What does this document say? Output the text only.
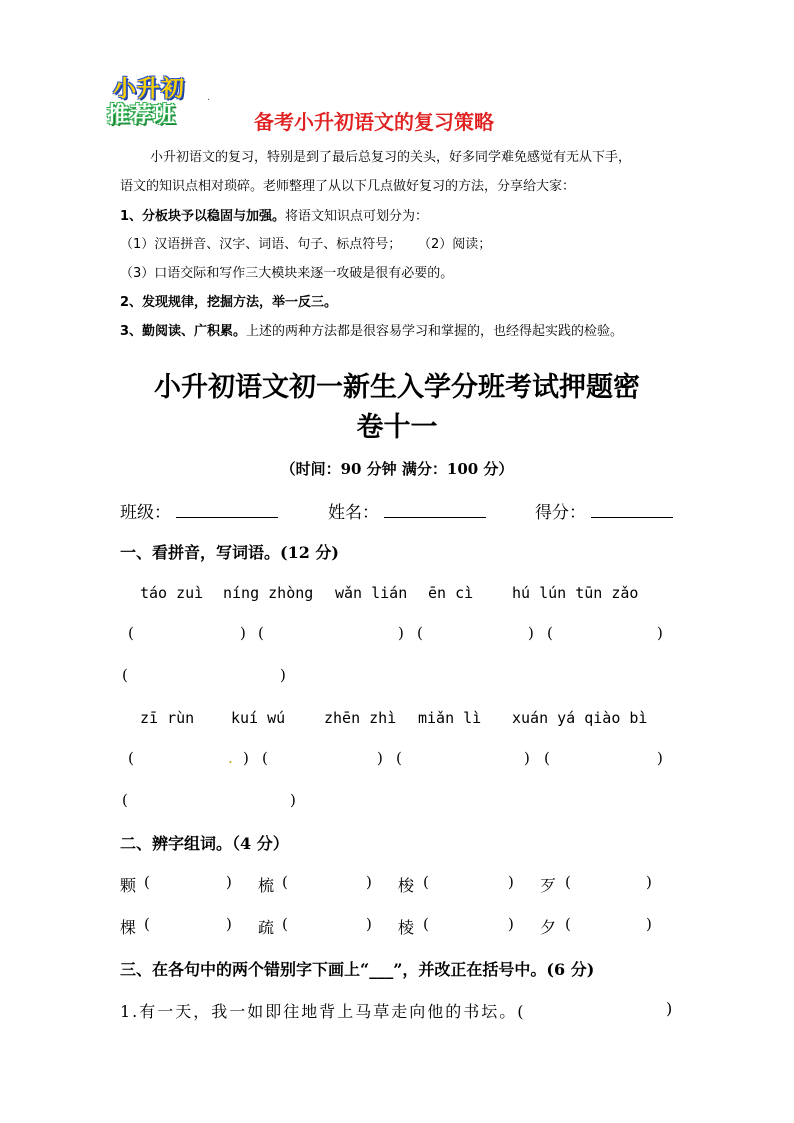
小升初
推荐班
.
备考小升初语文的复习策略
小升初语文的复习，特别是到了最后总复习的关头，好多同学难免感觉有无从下手，
语文的知识点相对琐碎。老师整理了从以下几点做好复习的方法，分享给大家：
1、分板块予以稳固与加强。将语文知识点可划分为：
（1）汉语拼音、汉字、词语、句子、标点符号； （2）阅读；
（3）口语交际和写作三大模块来逐一攻破是很有必要的。
2、发现规律，挖掘方法，举一反三。
3、勤阅读、广积累。上述的两种方法都是很容易学习和掌握的，也经得起实践的检验。
小升初语文初一新生入学分班考试押题密
卷十一
（时间：90 分钟 满分：100 分）
班级：	姓名：	得分：
一、看拼音，写词语。(12 分)
táo zuì níng zhòng wǎn lián ēn cì	hú lún tūn zǎo
(	) (	) (	) (	)
(	)
zī rùn kuí wú	zhēn zhì miǎn lì xuán yá qiào bì
(	. ) (	) (	) (	)
(	)
二、辨字组词。（4 分）
颗 (	) 梳 (	) 梭 (	) 歹 (	)
棵 (	) 疏 (	) 棱 (	) 夕 (	)
三、在各句中的两个错别字下画上“___”，并改正在括号中。(6 分)
1.有一天，我一如即往地背上马草走向他的书坛。(	)
